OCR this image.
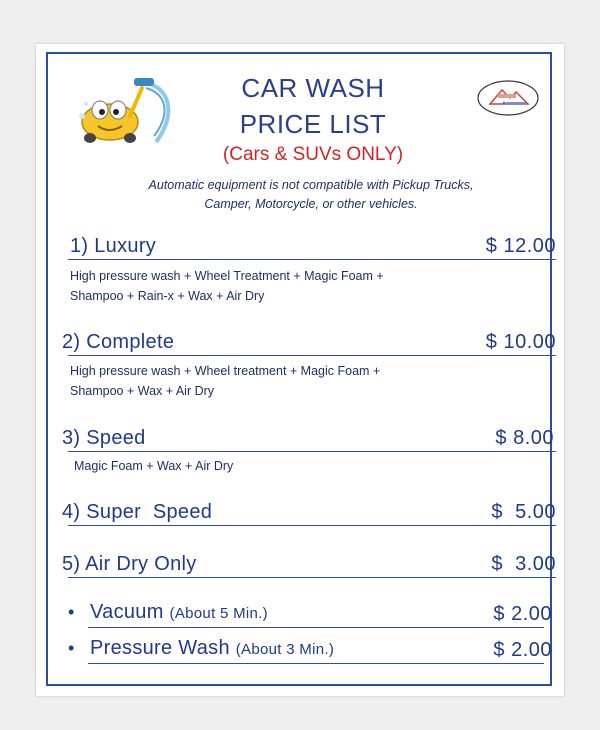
CAR WASH
PRICE LIST
(Cars & SUVs ONLY)
Automatic equipment is not compatible with Pickup Trucks,
Camper, Motorcycle, or other vehicles.
1) Luxury	$ 12.00
High pressure wash + Wheel Treatment + Magic Foam +
Shampoo + Rain-x + Wax + Air Dry
2) Complete	$ 10.00
High pressure wash + Wheel treatment + Magic Foam +
Shampoo + Wax + Air Dry
3) Speed	$ 8.00
Magic Foam + Wax + Air Dry
4) Super  Speed	$  5.00
5) Air Dry Only	$  3.00
• Vacuum (About 5 Min.)	$ 2.00
• Pressure Wash (About 3 Min.)	$ 2.00
